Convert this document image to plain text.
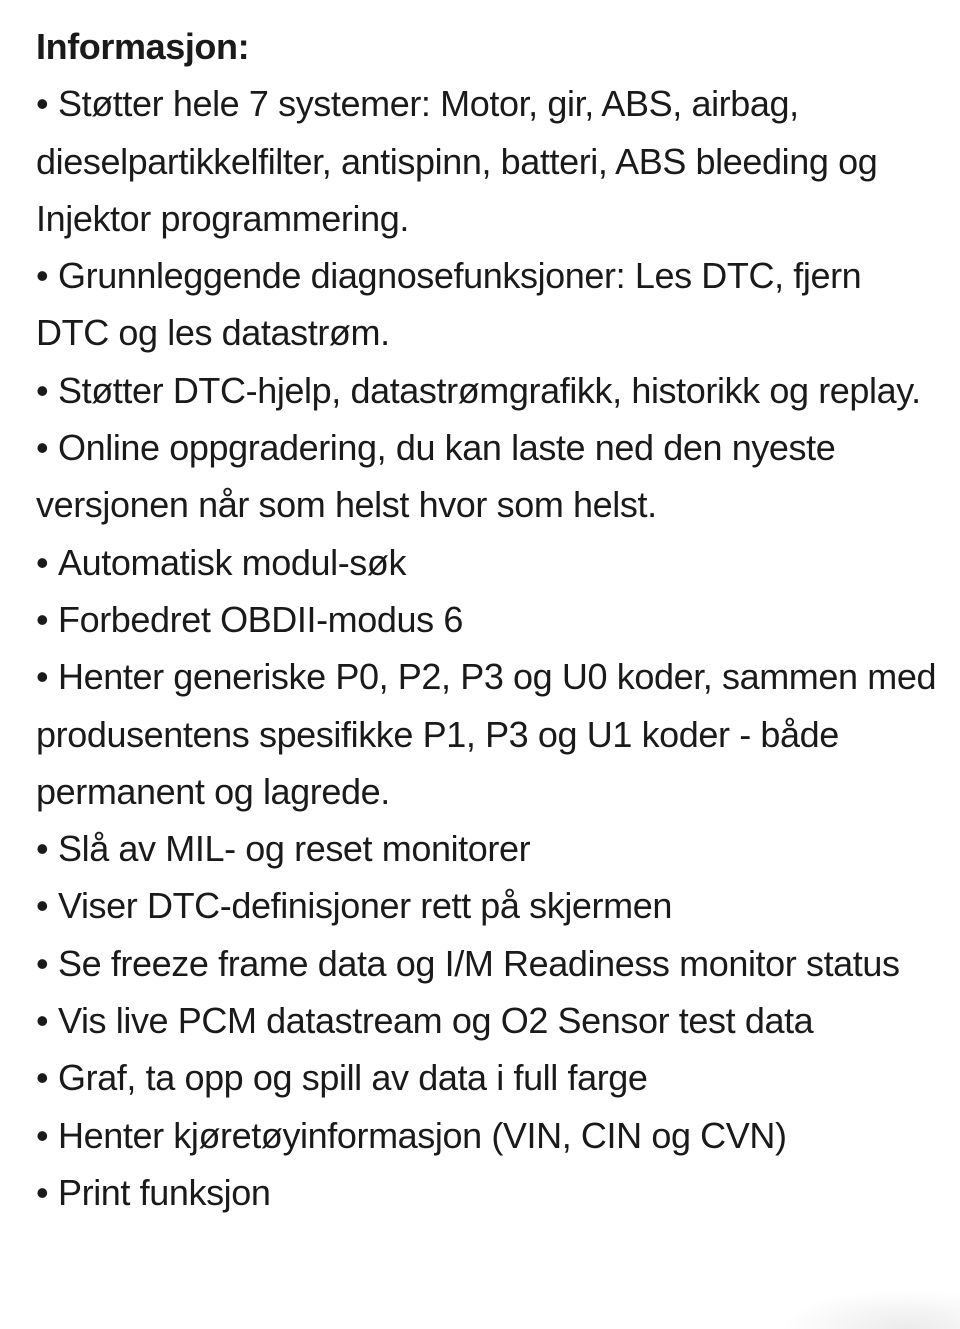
Informasjon:
• Støtter hele 7 systemer: Motor, gir, ABS, airbag, dieselpartikkelfilter, antispinn, batteri, ABS bleeding og Injektor programmering.
• Grunnleggende diagnosefunksjoner: Les DTC, fjern DTC og les datastrøm.
• Støtter DTC-hjelp, datastrømgrafikk, historikk og replay.
• Online oppgradering, du kan laste ned den nyeste versjonen når som helst hvor som helst.
• Automatisk modul-søk
• Forbedret OBDII-modus 6
• Henter generiske P0, P2, P3 og U0 koder, sammen med produsentens spesifikke P1, P3 og U1 koder - både permanent og lagrede.
• Slå av MIL- og reset monitorer
• Viser DTC-definisjoner rett på skjermen
• Se freeze frame data og I/M Readiness monitor status
• Vis live PCM datastream og O2 Sensor test data
• Graf, ta opp og spill av data i full farge
• Henter kjøretøyinformasjon (VIN, CIN og CVN)
• Print funksjon
